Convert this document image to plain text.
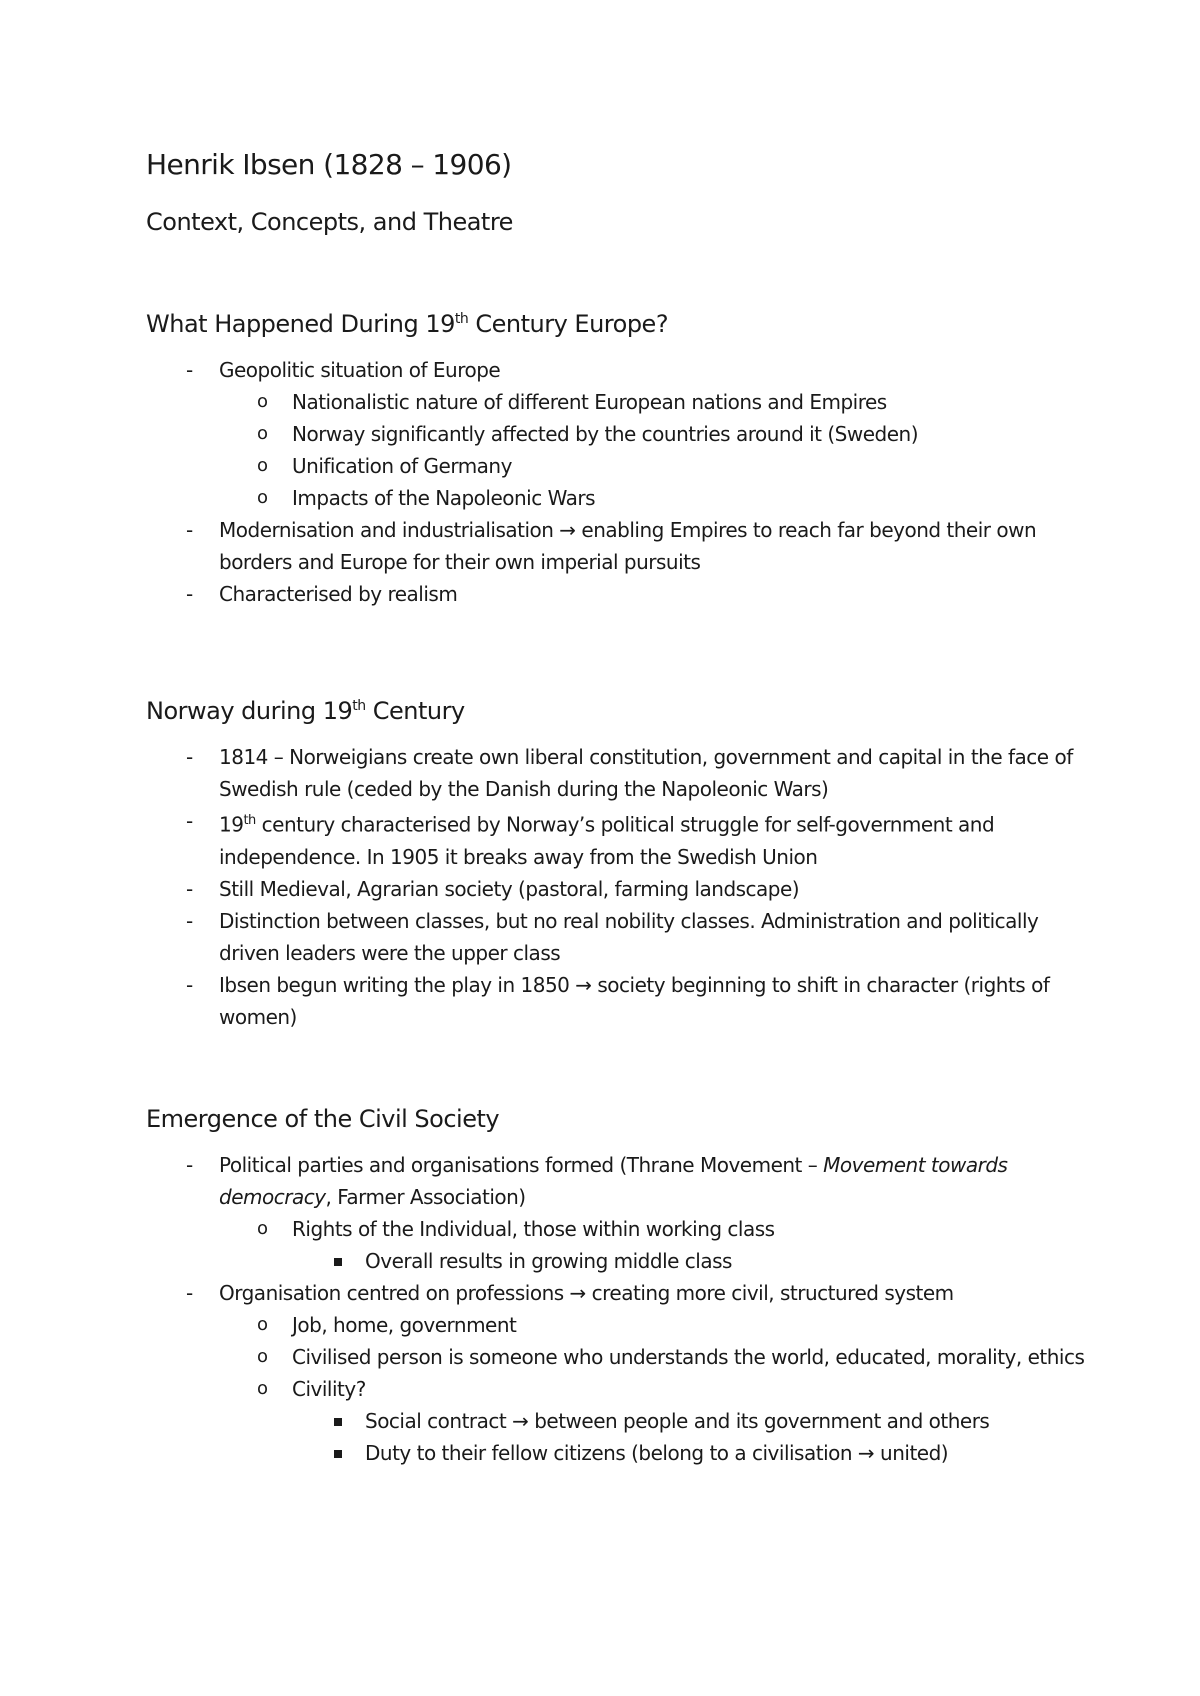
Henrik Ibsen (1828 – 1906)
Context, Concepts, and Theatre
What Happened During 19th Century Europe?
- Geopolitic situation of Europe
o Nationalistic nature of different European nations and Empires
o Norway significantly affected by the countries around it (Sweden)
o Unification of Germany
o Impacts of the Napoleonic Wars
- Modernisation and industrialisation → enabling Empires to reach far beyond their own borders and Europe for their own imperial pursuits
- Characterised by realism
Norway during 19th Century
- 1814 – Norweigians create own liberal constitution, government and capital in the face of Swedish rule (ceded by the Danish during the Napoleonic Wars)
- 19th century characterised by Norway’s political struggle for self-government and independence. In 1905 it breaks away from the Swedish Union
- Still Medieval, Agrarian society (pastoral, farming landscape)
- Distinction between classes, but no real nobility classes. Administration and politically driven leaders were the upper class
- Ibsen begun writing the play in 1850 → society beginning to shift in character (rights of women)
Emergence of the Civil Society
- Political parties and organisations formed (Thrane Movement – Movement towards democracy, Farmer Association)
o Rights of the Individual, those within working class
Overall results in growing middle class
- Organisation centred on professions → creating more civil, structured system
o Job, home, government
o Civilised person is someone who understands the world, educated, morality, ethics
o Civility?
Social contract → between people and its government and others
Duty to their fellow citizens (belong to a civilisation → united)
